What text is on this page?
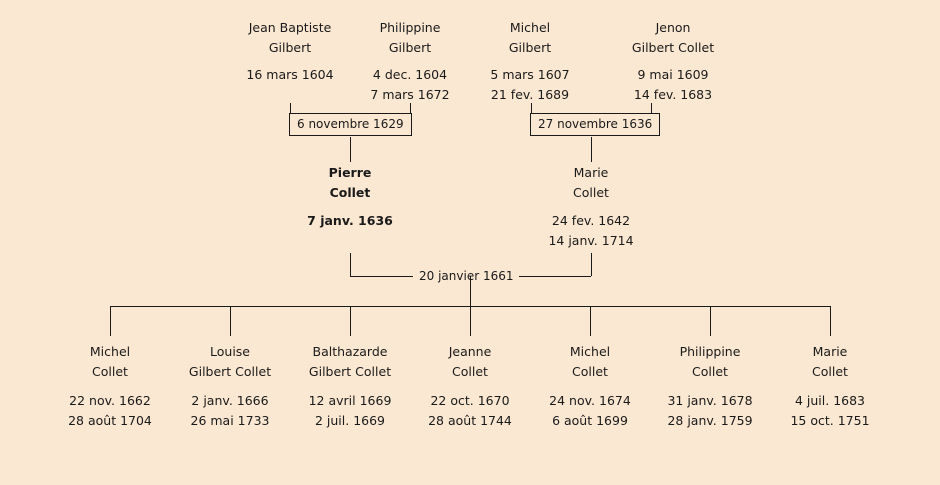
Jean Baptiste
Gilbert
Philippine
Gilbert
Michel
Gilbert
Jenon
Gilbert Collet
16 mars 1604	4 dec. 1604
7 mars 1672
5 mars 1607
21 fev. 1689
9 mai 1609
14 fev. 1683
6 novembre 1629	27 novembre 1636
Pierre
Collet
7 janv. 1636
Marie
Collet
24 fev. 1642
14 janv. 1714
20 janvier 1661
Michel
Collet
Louise
Gilbert Collet
Balthazarde
Gilbert Collet
Jeanne
Collet
Michel
Collet
Philippine
Collet
Marie
Collet
22 nov. 1662
28 août 1704
2 janv. 1666
26 mai 1733
12 avril 1669
2 juil. 1669
22 oct. 1670
28 août 1744
24 nov. 1674
6 août 1699
31 janv. 1678
28 janv. 1759
4 juil. 1683
15 oct. 1751
